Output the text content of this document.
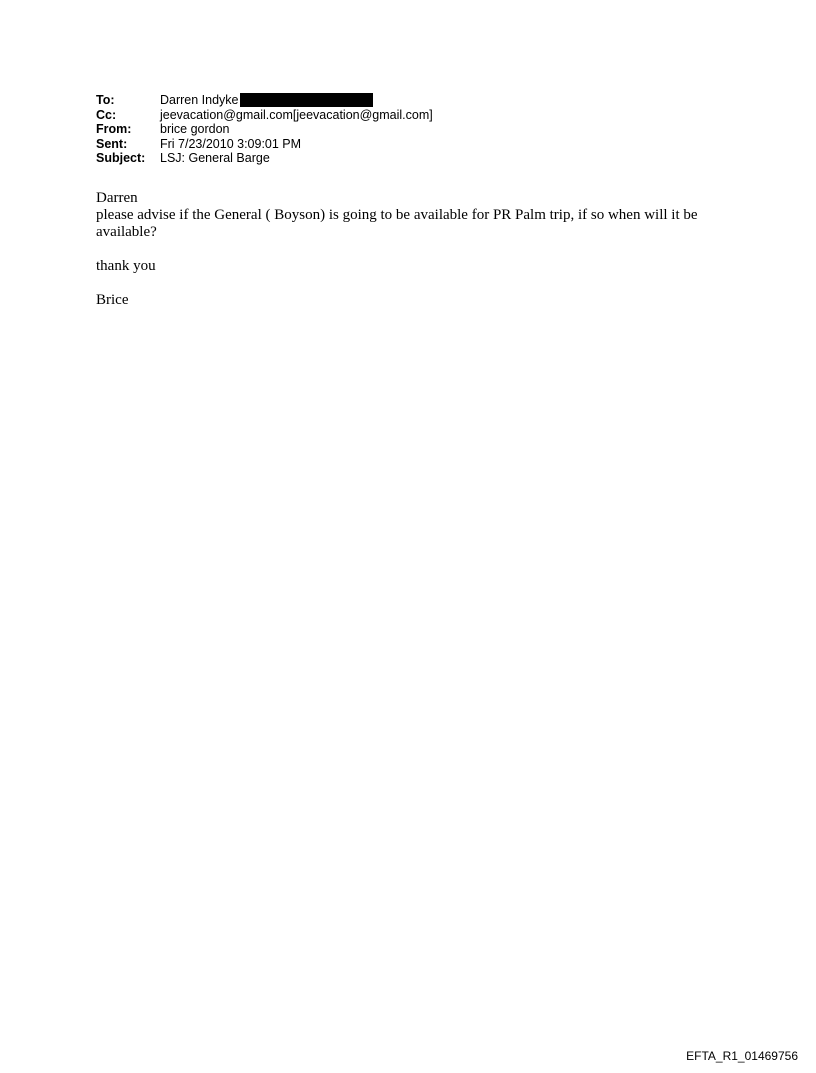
To:	Darren Indyke
Cc:	jeevacation@gmail.com[jeevacation@gmail.com]
From:	brice gordon
Sent:	Fri 7/23/2010 3:09:01 PM
Subject:	LSJ: General Barge

Darren

please advise if the General ( Boyson) is going to be available for PR Palm trip, if so when will it be available?

thank you

Brice

EFTA_R1_01469756
